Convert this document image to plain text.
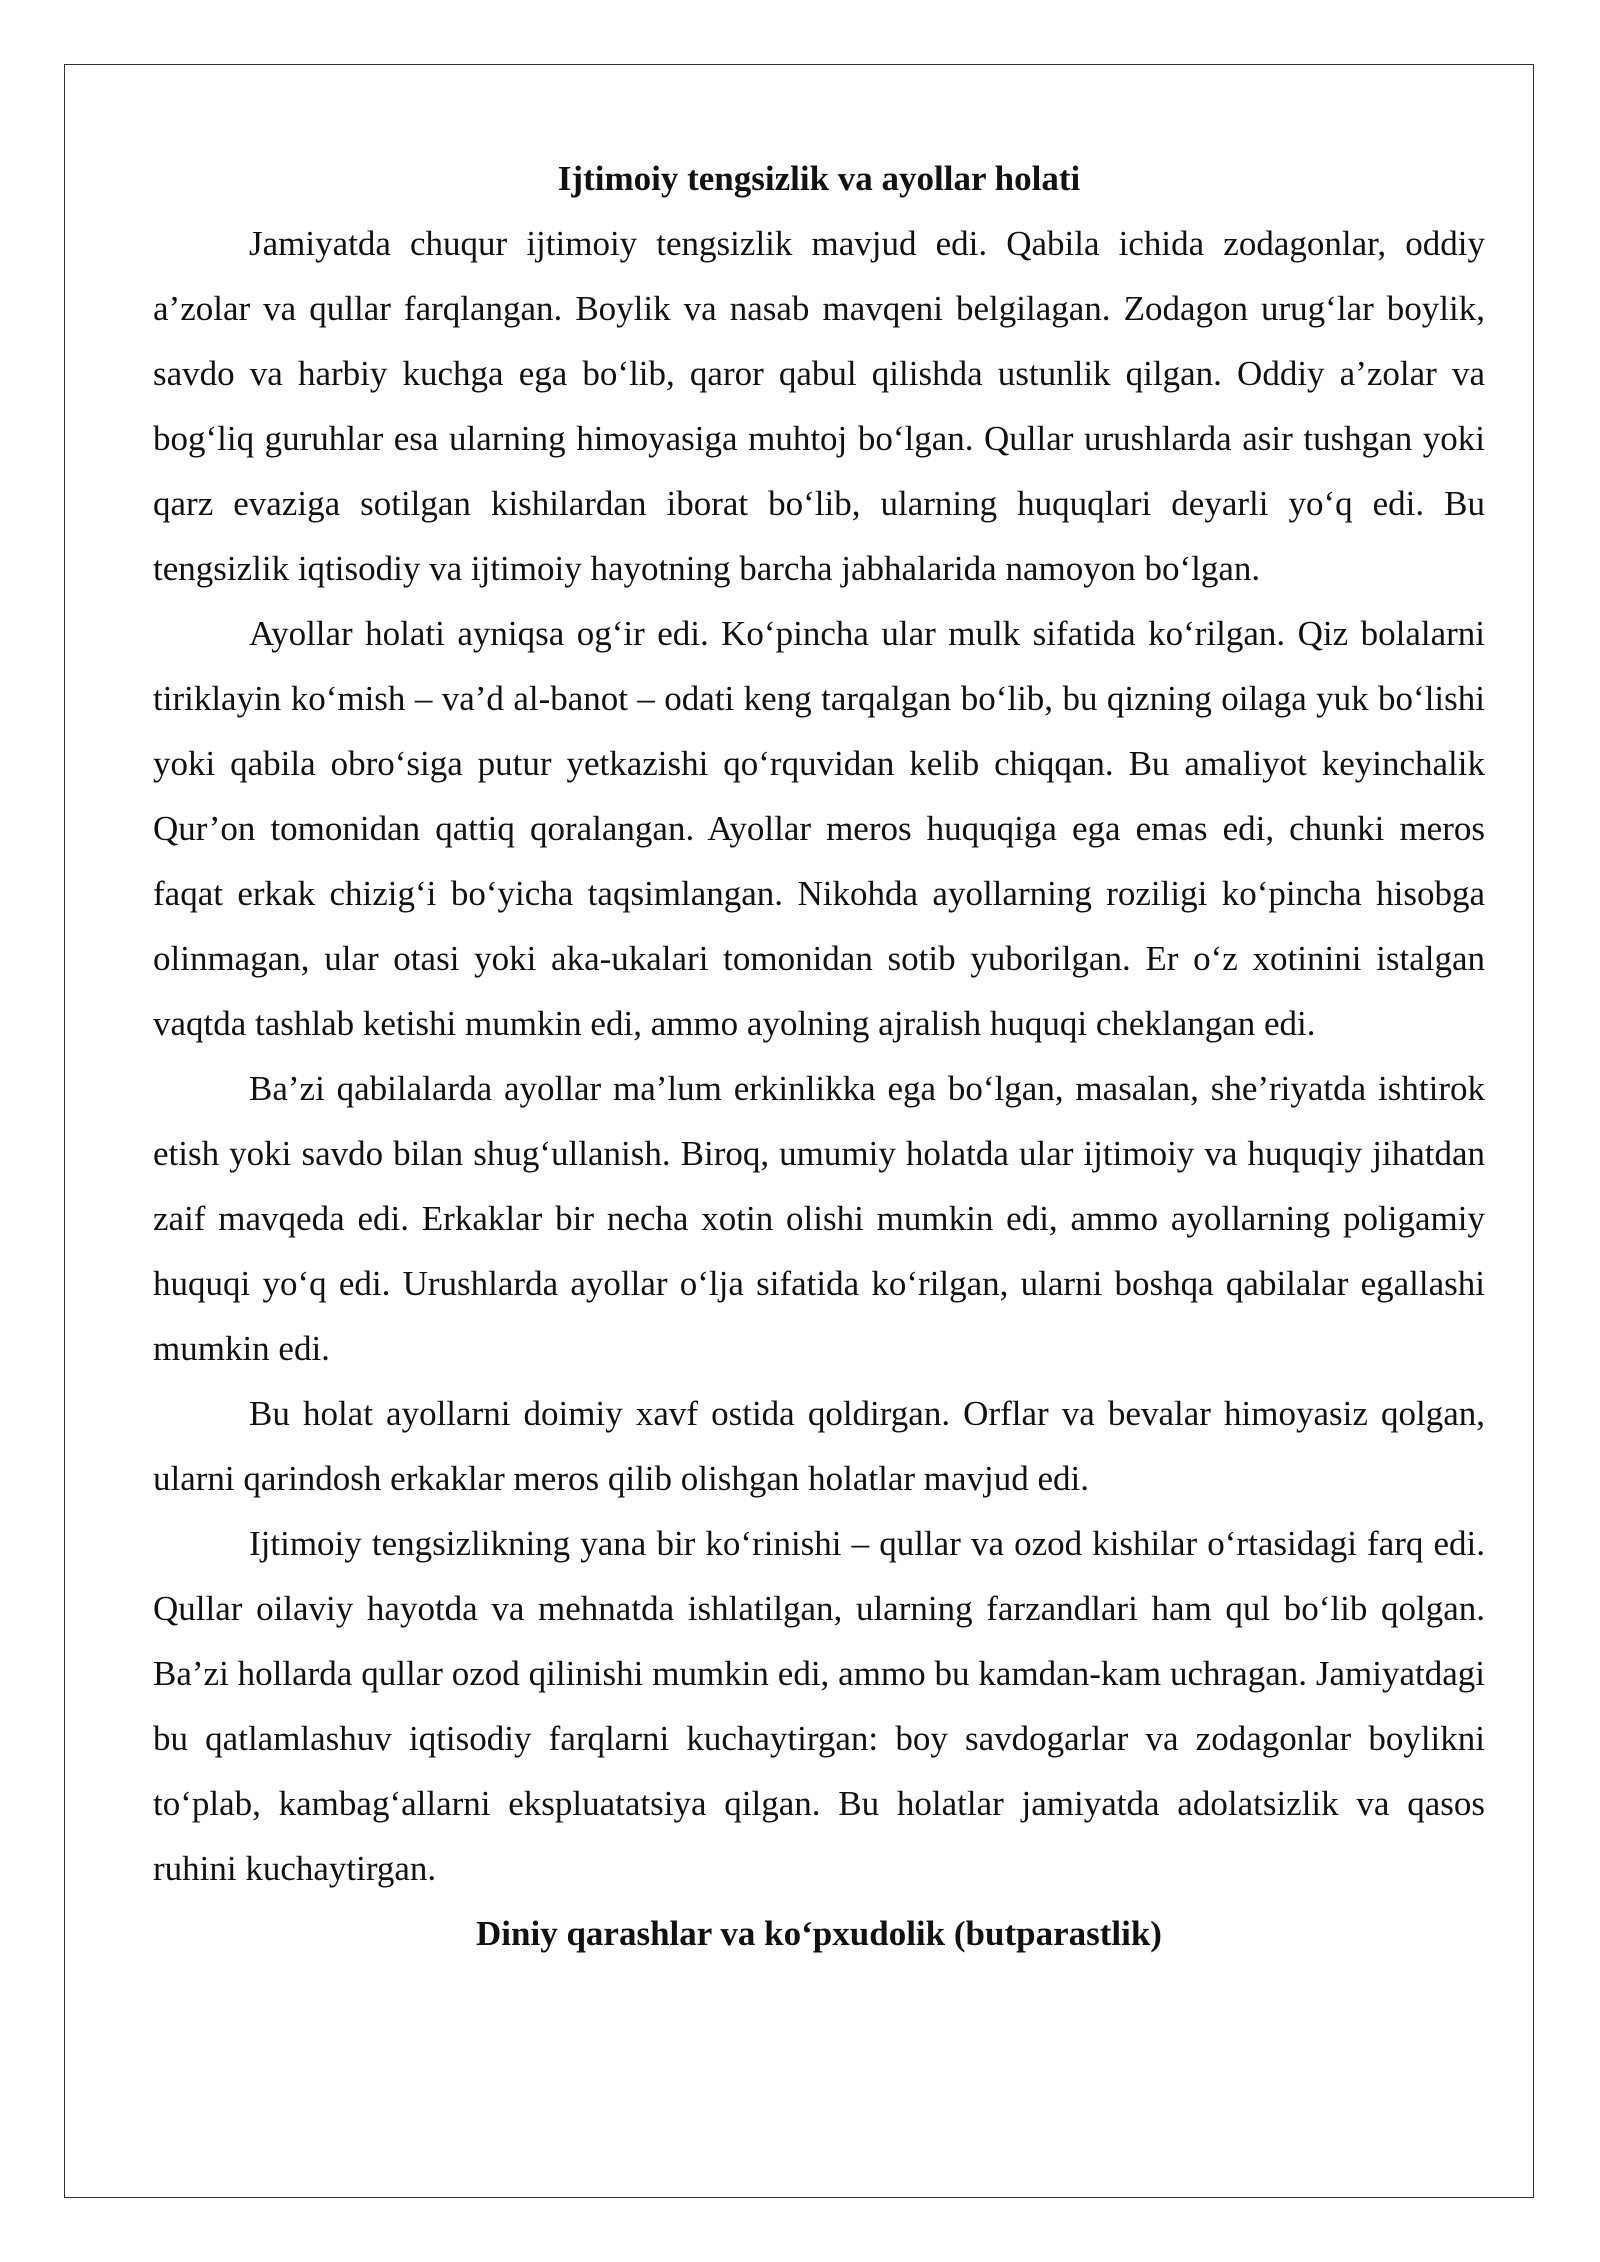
Ijtimoiy tengsizlik va ayollar holati

Jamiyatda chuqur ijtimoiy tengsizlik mavjud edi. Qabila ichida zodagonlar, oddiy a’zolar va qullar farqlangan. Boylik va nasab mavqeni belgilagan. Zodagon urug‘lar boylik, savdo va harbiy kuchga ega bo‘lib, qaror qabul qilishda ustunlik qilgan. Oddiy a’zolar va bog‘liq guruhlar esa ularning himoyasiga muhtoj bo‘lgan. Qullar urushlarda asir tushgan yoki qarz evaziga sotilgan kishilardan iborat bo‘lib, ularning huquqlari deyarli yo‘q edi. Bu tengsizlik iqtisodiy va ijtimoiy hayotning barcha jabhalarida namoyon bo‘lgan.

Ayollar holati ayniqsa og‘ir edi. Ko‘pincha ular mulk sifatida ko‘rilgan. Qiz bolalarni tiriklayin ko‘mish – va’d al-banot – odati keng tarqalgan bo‘lib, bu qizning oilaga yuk bo‘lishi yoki qabila obro‘siga putur yetkazishi qo‘rquvidan kelib chiqqan. Bu amaliyot keyinchalik Qur’on tomonidan qattiq qoralangan. Ayollar meros huquqiga ega emas edi, chunki meros faqat erkak chizig‘i bo‘yicha taqsimlangan. Nikohda ayollarning roziligi ko‘pincha hisobga olinmagan, ular otasi yoki aka-ukalari tomonidan sotib yuborilgan. Er o‘z xotinini istalgan vaqtda tashlab ketishi mumkin edi, ammo ayolning ajralish huquqi cheklangan edi.

Ba’zi qabilalarda ayollar ma’lum erkinlikka ega bo‘lgan, masalan, she’riyatda ishtirok etish yoki savdo bilan shug‘ullanish. Biroq, umumiy holatda ular ijtimoiy va huquqiy jihatdan zaif mavqeda edi. Erkaklar bir necha xotin olishi mumkin edi, ammo ayollarning poligamiy huquqi yo‘q edi. Urushlarda ayollar o‘lja sifatida ko‘rilgan, ularni boshqa qabilalar egallashi mumkin edi.

Bu holat ayollarni doimiy xavf ostida qoldirgan. Orflar va bevalar himoyasiz qolgan, ularni qarindosh erkaklar meros qilib olishgan holatlar mavjud edi.

Ijtimoiy tengsizlikning yana bir ko‘rinishi – qullar va ozod kishilar o‘rtasidagi farq edi. Qullar oilaviy hayotda va mehnatda ishlatilgan, ularning farzandlari ham qul bo‘lib qolgan. Ba’zi hollarda qullar ozod qilinishi mumkin edi, ammo bu kamdan-kam uchragan. Jamiyatdagi bu qatlamlashuv iqtisodiy farqlarni kuchaytirgan: boy savdogarlar va zodagonlar boylikni to‘plab, kambag‘allarni ekspluatatsiya qilgan. Bu holatlar jamiyatda adolatsizlik va qasos ruhini kuchaytirgan.

Diniy qarashlar va ko‘pxudolik (butparastlik)
